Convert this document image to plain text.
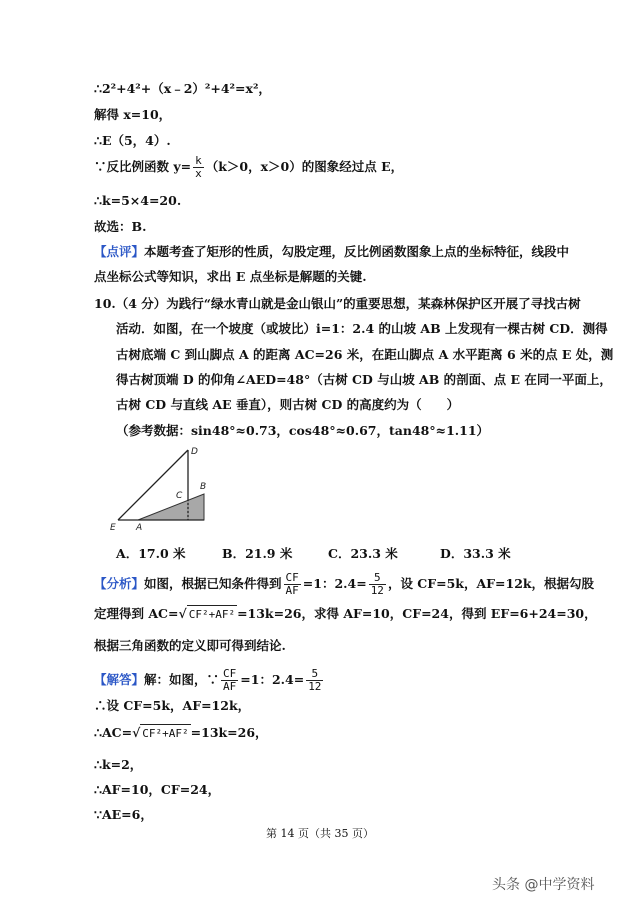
∴2²+4²+（x﹣2）²+4²=x²，
解得 x=10，
∴E（5，4）.
∵反比例函数 $y= \frac{k}{x} (k>0$，x＞0）的图象经过点 E，
∴k=5×4=20.
故选：B.
【点评】本题考查了矩形的性质，勾股定理，反比例函数图象上点的坐标特征，线段中
点坐标公式等知识，求出 E 点坐标是解题的关键.
10.（4 分）为践行“绿水青山就是金山银山”的重要思想，某森林保护区开展了寻找古树
活动．如图，在一个坡度（或坡比）i=1：2.4 的山坡 AB 上发现有一棵古树 CD．测得
古树底端 C 到山脚点 A 的距离 AC=26 米，在距山脚点 A 水平距离 6 米的点 E 处，测
得古树顶端 D 的仰角∠AED=48°（古树 CD 与山坡 AB 的剖面、点 E 在同一平面上，
古树 CD 与直线 AE 垂直），则古树 CD 的高度约为（　　）
（参考数据：sin48°≈0.73，cos48°≈0.67，tan48°≈1.11）
D
C
B
E A
A．17.0 米	B．21.9 米	C．23.3 米	D．33.3 米
【分析】如图，根据已知条件得到 $\frac{CF}{AF} =1$：$2.4= \frac{5}{12}$ ，设 CF=5k，AF=12k，根据勾股
定理得到 AC=√ CF²+AF² =13k=26，求得 AF=10，CF=24，得到 EF=6+24=30，
根据三角函数的定义即可得到结论.
【解答】解：如图，∵ $\frac{CF}{AF} =1$：$2.4= \frac{5}{12}$
∴设 CF=5k，AF=12k，
∴AC=√ CF²+AF² =13k=26，
∴k=2，
∴AF=10，CF=24，
∵AE=6，
第 14 页（共 35 页）
头条 @中学资料
